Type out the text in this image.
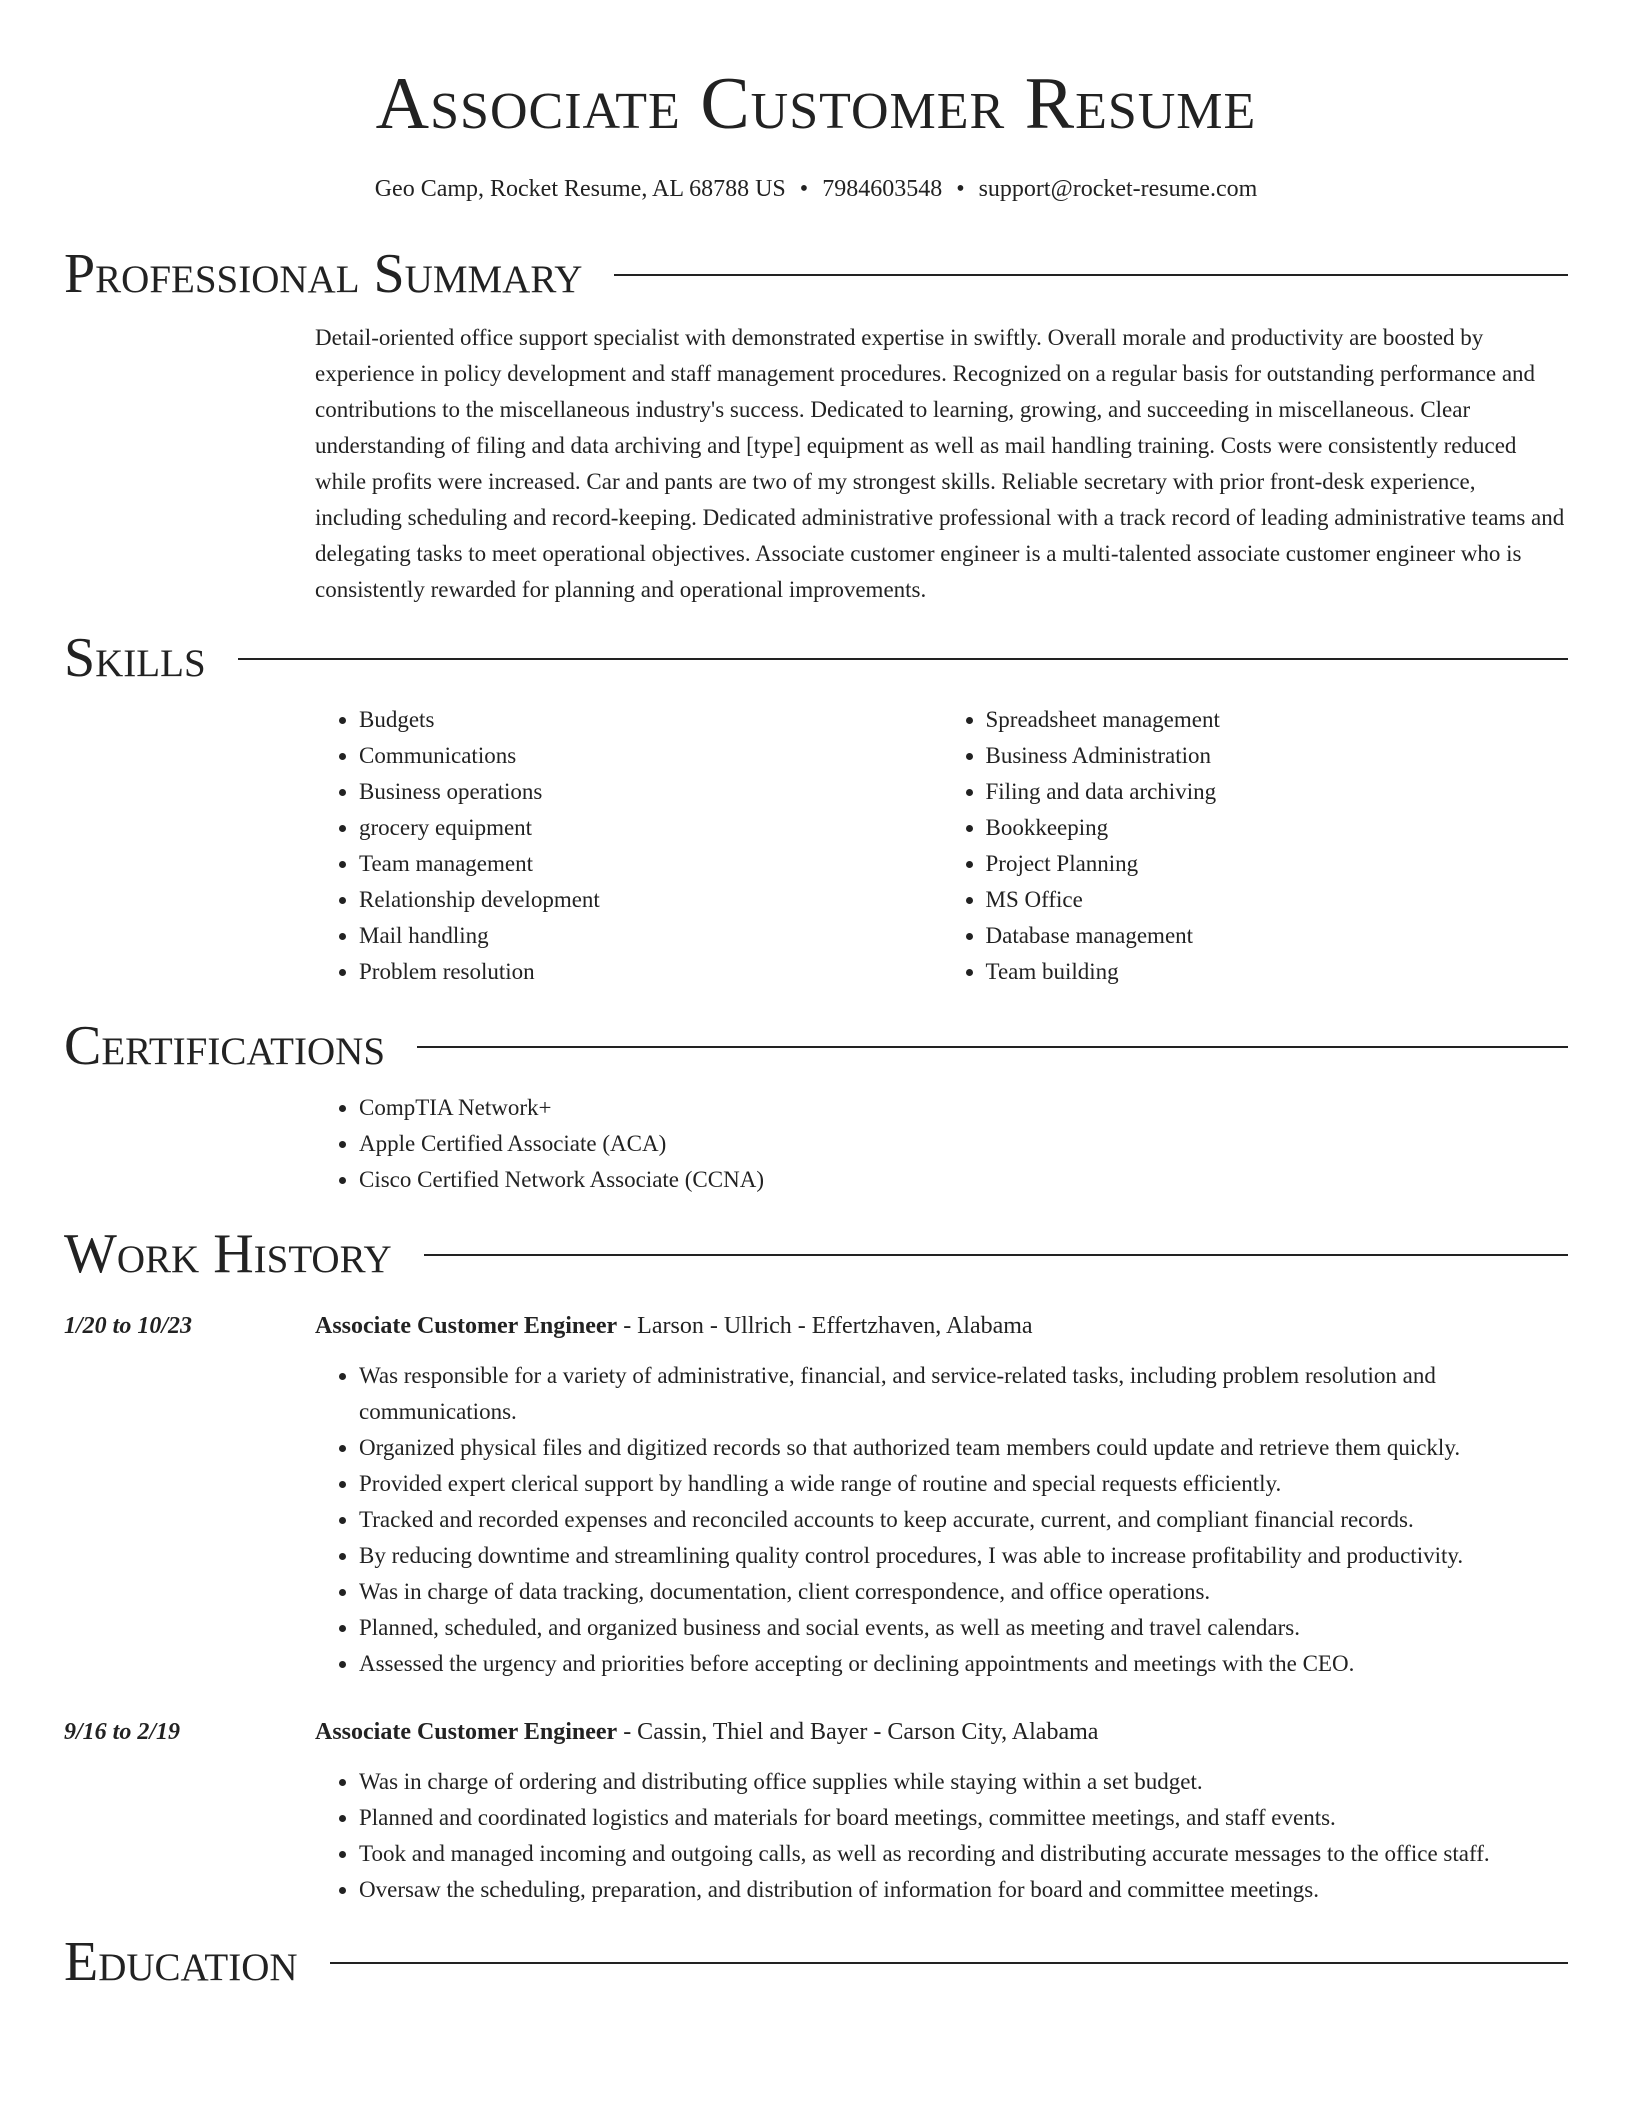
Associate Customer Resume
Geo Camp, Rocket Resume, AL 68788 US • 7984603548 • support@rocket-resume.com
Professional Summary
Detail-oriented office support specialist with demonstrated expertise in swiftly. Overall morale and productivity are boosted by experience in policy development and staff management procedures. Recognized on a regular basis for outstanding performance and contributions to the miscellaneous industry's success. Dedicated to learning, growing, and succeeding in miscellaneous. Clear understanding of filing and data archiving and [type] equipment as well as mail handling training. Costs were consistently reduced while profits were increased. Car and pants are two of my strongest skills. Reliable secretary with prior front-desk experience, including scheduling and record-keeping. Dedicated administrative professional with a track record of leading administrative teams and delegating tasks to meet operational objectives. Associate customer engineer is a multi-talented associate customer engineer who is consistently rewarded for planning and operational improvements.
Skills
• Budgets
• Communications
• Business operations
• grocery equipment
• Team management
• Relationship development
• Mail handling
• Problem resolution
• Spreadsheet management
• Business Administration
• Filing and data archiving
• Bookkeeping
• Project Planning
• MS Office
• Database management
• Team building
Certifications
• CompTIA Network+
• Apple Certified Associate (ACA)
• Cisco Certified Network Associate (CCNA)
Work History
1/20 to 10/23	Associate Customer Engineer - Larson - Ullrich - Effertzhaven, Alabama
• Was responsible for a variety of administrative, financial, and service-related tasks, including problem resolution and communications.
• Organized physical files and digitized records so that authorized team members could update and retrieve them quickly.
• Provided expert clerical support by handling a wide range of routine and special requests efficiently.
• Tracked and recorded expenses and reconciled accounts to keep accurate, current, and compliant financial records.
• By reducing downtime and streamlining quality control procedures, I was able to increase profitability and productivity.
• Was in charge of data tracking, documentation, client correspondence, and office operations.
• Planned, scheduled, and organized business and social events, as well as meeting and travel calendars.
• Assessed the urgency and priorities before accepting or declining appointments and meetings with the CEO.
9/16 to 2/19	Associate Customer Engineer - Cassin, Thiel and Bayer - Carson City, Alabama
• Was in charge of ordering and distributing office supplies while staying within a set budget.
• Planned and coordinated logistics and materials for board meetings, committee meetings, and staff events.
• Took and managed incoming and outgoing calls, as well as recording and distributing accurate messages to the office staff.
• Oversaw the scheduling, preparation, and distribution of information for board and committee meetings.
Education
